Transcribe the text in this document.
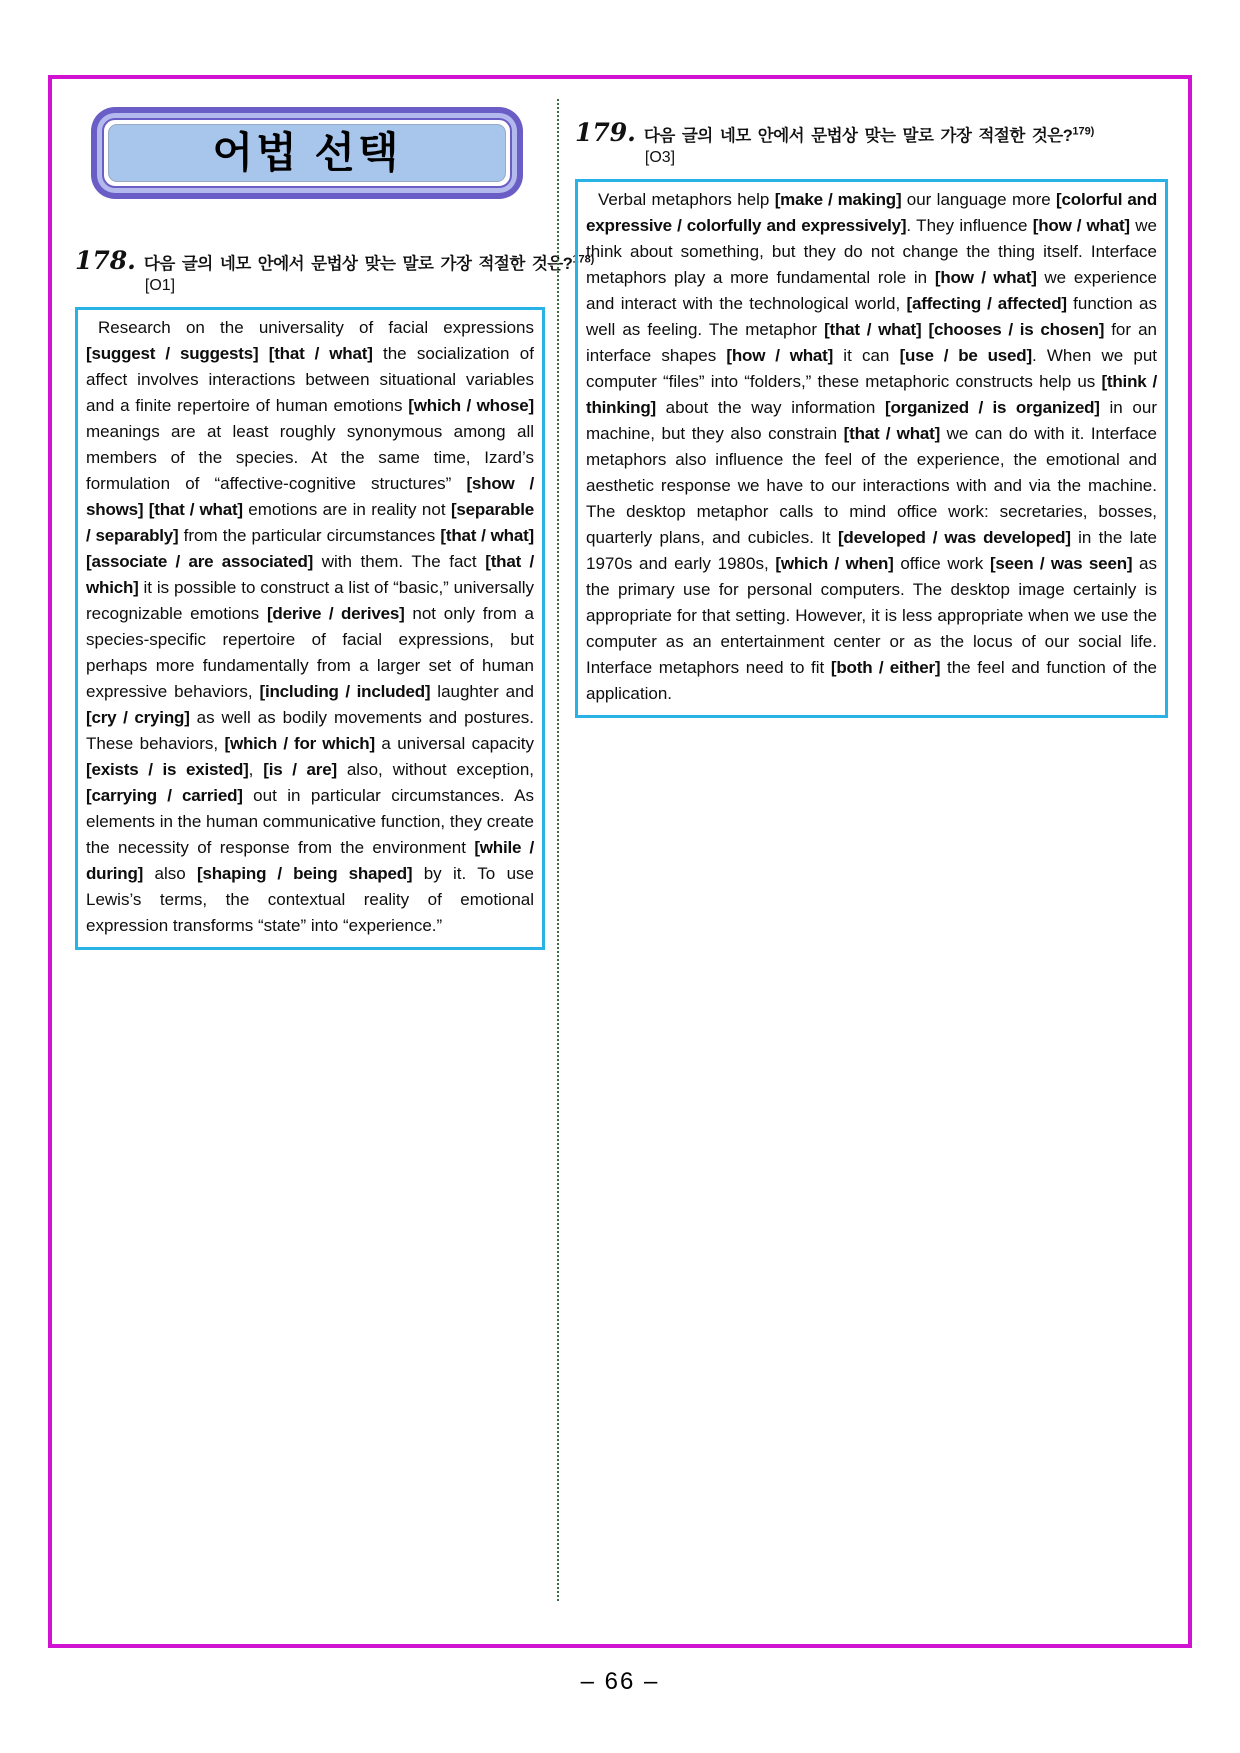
어법 선택
178. 다음 글의 네모 안에서 문법상 맞는 말로 가장 적절한 것은?$^{178)}$
[O1]
Research on the universality of facial expressions [suggest / suggests] [that / what] the socialization of affect involves interactions between situational variables and a finite repertoire of human emotions [which / whose] meanings are at least roughly synonymous among all members of the species. At the same time, Izard’s formulation of “affective-cognitive structures” [show / shows] [that / what] emotions are in reality not [separable / separably] from the particular circumstances [that / what] [associate / are associated] with them. The fact [that / which] it is possible to construct a list of “basic,” universally recognizable emotions [derive / derives] not only from a species-specific repertoire of facial expressions, but perhaps more fundamentally from a larger set of human expressive behaviors, [including / included] laughter and [cry / crying] as well as bodily movements and postures. These behaviors, [which / for which] a universal capacity [exists / is existed], [is / are] also, without exception, [carrying / carried] out in particular circumstances. As elements in the human communicative function, they create the necessity of response from the environment [while / during] also [shaping / being shaped] by it. To use Lewis’s terms, the contextual reality of emotional expression transforms “state” into “experience.”
179. 다음 글의 네모 안에서 문법상 맞는 말로 가장 적절한 것은?$^{179)}$
[O3]
Verbal metaphors help [make / making] our language more [colorful and expressive / colorfully and expressively]. They influence [how / what] we think about something, but they do not change the thing itself. Interface metaphors play a more fundamental role in [how / what] we experience and interact with the technological world, [affecting / affected] function as well as feeling. The metaphor [that / what] [chooses / is chosen] for an interface shapes [how / what] it can [use / be used]. When we put computer “files” into “folders,” these metaphoric constructs help us [think / thinking] about the way information [organized / is organized] in our machine, but they also constrain [that / what] we can do with it. Interface metaphors also influence the feel of the experience, the emotional and aesthetic response we have to our interactions with and via the machine. The desktop metaphor calls to mind office work: secretaries, bosses, quarterly plans, and cubicles. It [developed / was developed] in the late 1970s and early 1980s, [which / when] office work [seen / was seen] as the primary use for personal computers. The desktop image certainly is appropriate for that setting. However, it is less appropriate when we use the computer as an entertainment center or as the locus of our social life. Interface metaphors need to fit [both / either] the feel and function of the application.
– 66 –
